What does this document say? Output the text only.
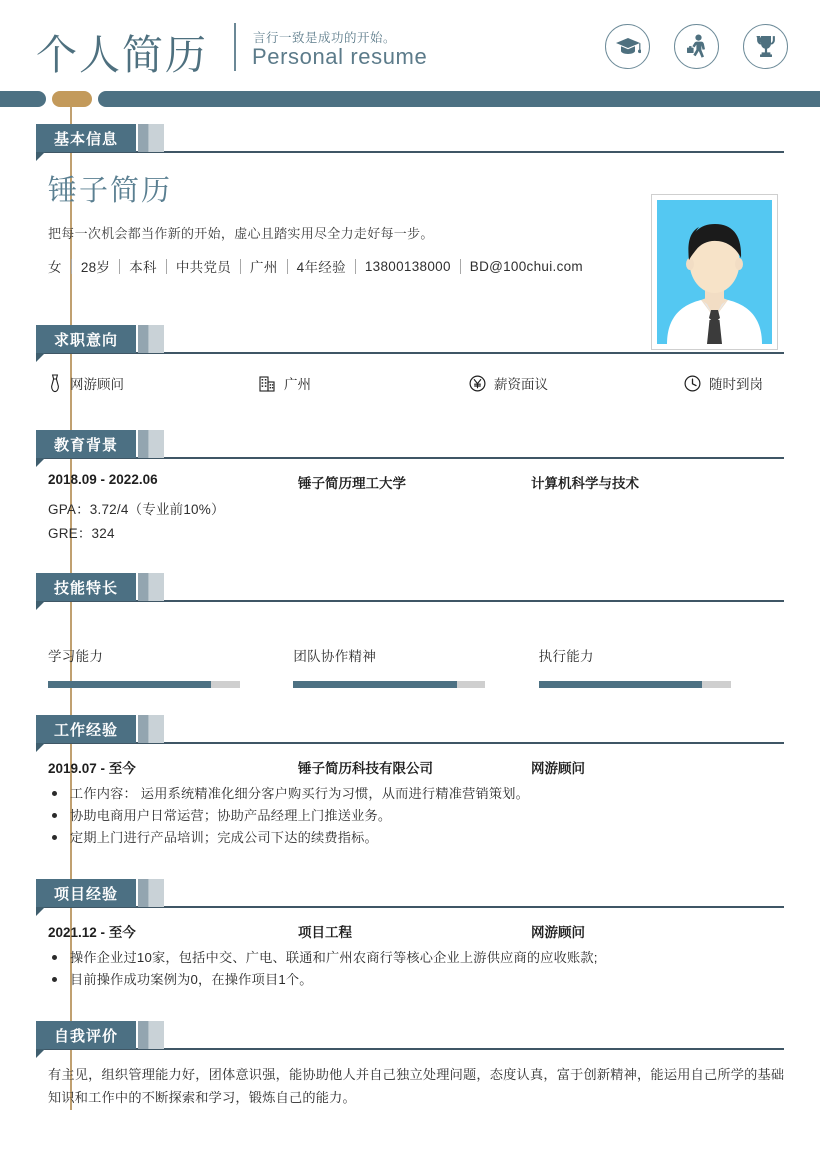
个人简历	言行一致是成功的开始。
Personal resume
基本信息
锤子简历
把每一次机会都当作新的开始，虚心且踏实用尽全力走好每一步。
女 28岁 本科 中共党员 广州 4年经验 13800138000 BD@100chui.com
求职意向
网游顾问	广州	薪资面议	随时到岗
教育背景
2018.09 - 2022.06	锤子简历理工大学	计算机科学与技术
GPA：3.72/4（专业前10%）
GRE：324
技能特长
学习能力	团队协作精神	执行能力
工作经验
2019.07 - 至今	锤子简历科技有限公司	网游顾问
工作内容： 运用系统精准化细分客户购买行为习惯，从而进行精准营销策划。
协助电商用户日常运营；协助产品经理上门推送业务。
定期上门进行产品培训；完成公司下达的续费指标。
项目经验
2021.12 - 至今	项目工程	网游顾问
操作企业过10家，包括中交、广电、联通和广州农商行等核心企业上游供应商的应收账款;
目前操作成功案例为0，在操作项目1个。
自我评价
有主见，组织管理能力好，团体意识强，能协助他人并自己独立处理问题，态度认真，富于创新精神，能运用自己所学的基础知识和工作中的不断探索和学习，锻炼自己的能力。
